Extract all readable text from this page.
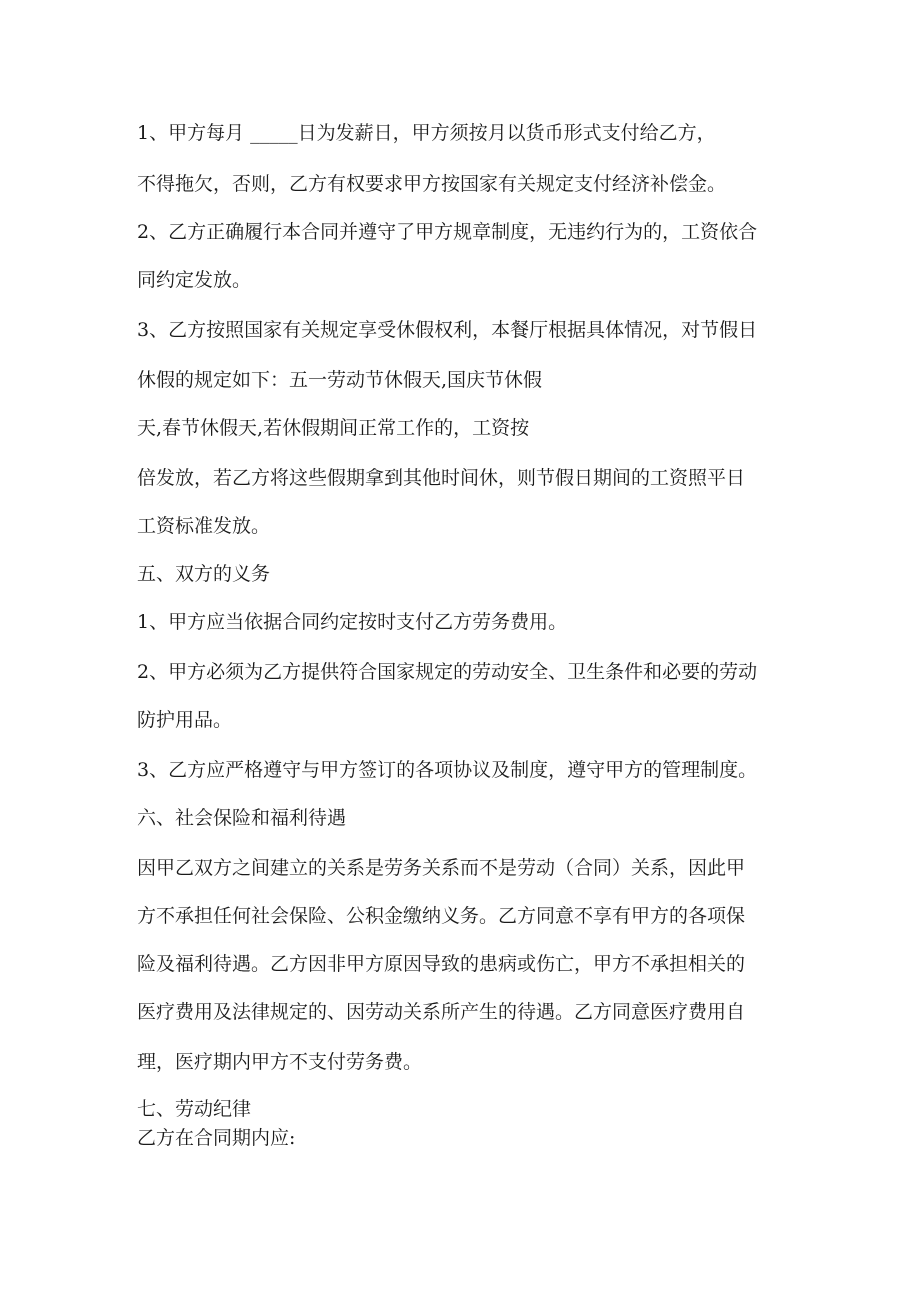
1、甲方每月 _____日为发薪日，甲方须按月以货币形式支付给乙方，

不得拖欠，否则，乙方有权要求甲方按国家有关规定支付经济补偿金。

2、乙方正确履行本合同并遵守了甲方规章制度，无违约行为的，工资依合

同约定发放。

3、乙方按照国家有关规定享受休假权利，本餐厅根据具体情况，对节假日

休假的规定如下：五一劳动节休假天,国庆节休假

天,春节休假天,若休假期间正常工作的，工资按

倍发放，若乙方将这些假期拿到其他时间休，则节假日期间的工资照平日

工资标准发放。

五、双方的义务

1、甲方应当依据合同约定按时支付乙方劳务费用。

2、甲方必须为乙方提供符合国家规定的劳动安全、卫生条件和必要的劳动

防护用品。

3、乙方应严格遵守与甲方签订的各项协议及制度，遵守甲方的管理制度。

六、社会保险和福利待遇

因甲乙双方之间建立的关系是劳务关系而不是劳动（合同）关系，因此甲

方不承担任何社会保险、公积金缴纳义务。乙方同意不享有甲方的各项保

险及福利待遇。乙方因非甲方原因导致的患病或伤亡，甲方不承担相关的

医疗费用及法律规定的、因劳动关系所产生的待遇。乙方同意医疗费用自

理，医疗期内甲方不支付劳务费。

七、劳动纪律

乙方在合同期内应:
